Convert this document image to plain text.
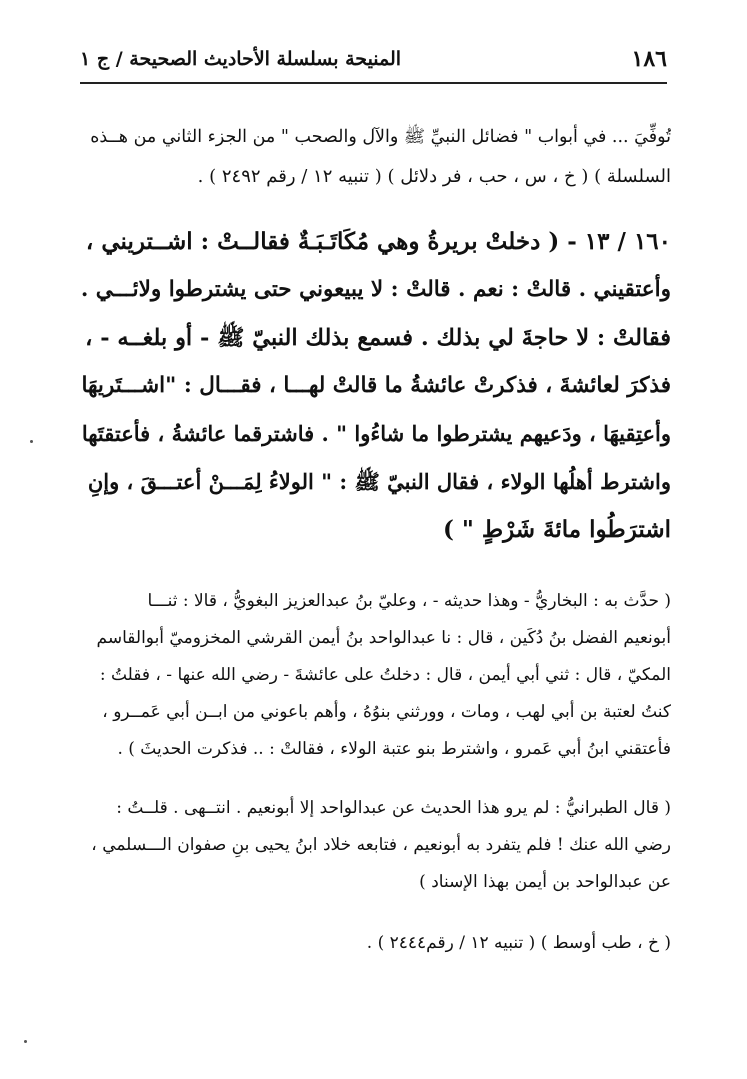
١٨٦
المنيحة بسلسلة الأحاديث الصحيحة / ج ١
تُوفِّيَ ... في أبواب " فضائل النبيِّ ﷺ والآل والصحب " من الجزء الثاني من هــذه
السلسلة ) ( خ ، س ، حب ، فر دلائل ) ( تنبيه ١٢ / رقم ٢٤٩٢ ) .
١٦٠ / ١٣ - ( دخلتْ بريرةُ وهي مُكَاتَـبَـةٌ فقالــتْ : اشــتريني ،
وأعتقيني . قالتْ : نعم . قالتْ : لا يبيعوني حتى يشترطوا ولائـــي .
فقالتْ : لا حاجةَ لي بذلك . فسمع بذلك النبيّ ﷺ - أو بلغــه - ،
فذكرَ لعائشةَ ، فذكرتْ عائشةُ ما قالتْ لهـــا ، فقـــال : "اشـــتَريهَا
وأعتِقيهَا ، ودَعيهم يشترطوا ما شاءُوا " . فاشترقما عائشةُ ، فأعتقتَها
واشترط أهلُها الولاء ، فقال النبيّ ﷺ : " الولاءُ لِمَـــنْ أعتـــقَ ، وإنِ
اشترَطُوا مائةَ شَرْطٍ " )
( حدَّث به : البخاريُّ - وهذا حديثه - ، وعليّ بنُ عبدالعزيز البغويُّ ، قالا : ثنـــا
أبونعيم الفضل بنُ دُكَين ، قال : نا عبدالواحد بنُ أيمن القرشي المخزوميّ أبوالقاسم
المكيّ ، قال : ثني أبي أيمن ، قال : دخلتُ على عائشةَ - رضي الله عنها - ، فقلتُ :
كنتُ لعتبة بن أبي لهب ، ومات ، وورثني بنوُهُ ، وأهم باعوني من ابــن أبي عَمــرو ،
فأعتقني ابنُ أبي عَمرو ، واشترط بنو عتبة الولاء ، فقالتْ : .. فذكرت الحديثَ ) .
( قال الطبرانيُّ : لم يرو هذا الحديث عن عبدالواحد إلا أبونعيم . انتــهى . قلــتُ :
رضي الله عنك ! فلم يتفرد به أبونعيم ، فتابعه خلاد ابنُ يحيى بنِ صفوان الـــسلمي ،
عن عبدالواحد بن أيمن بهذا الإسناد )
( خ ، طب أوسط ) ( تنبيه ١٢ / رقم٢٤٤٤ ) .
